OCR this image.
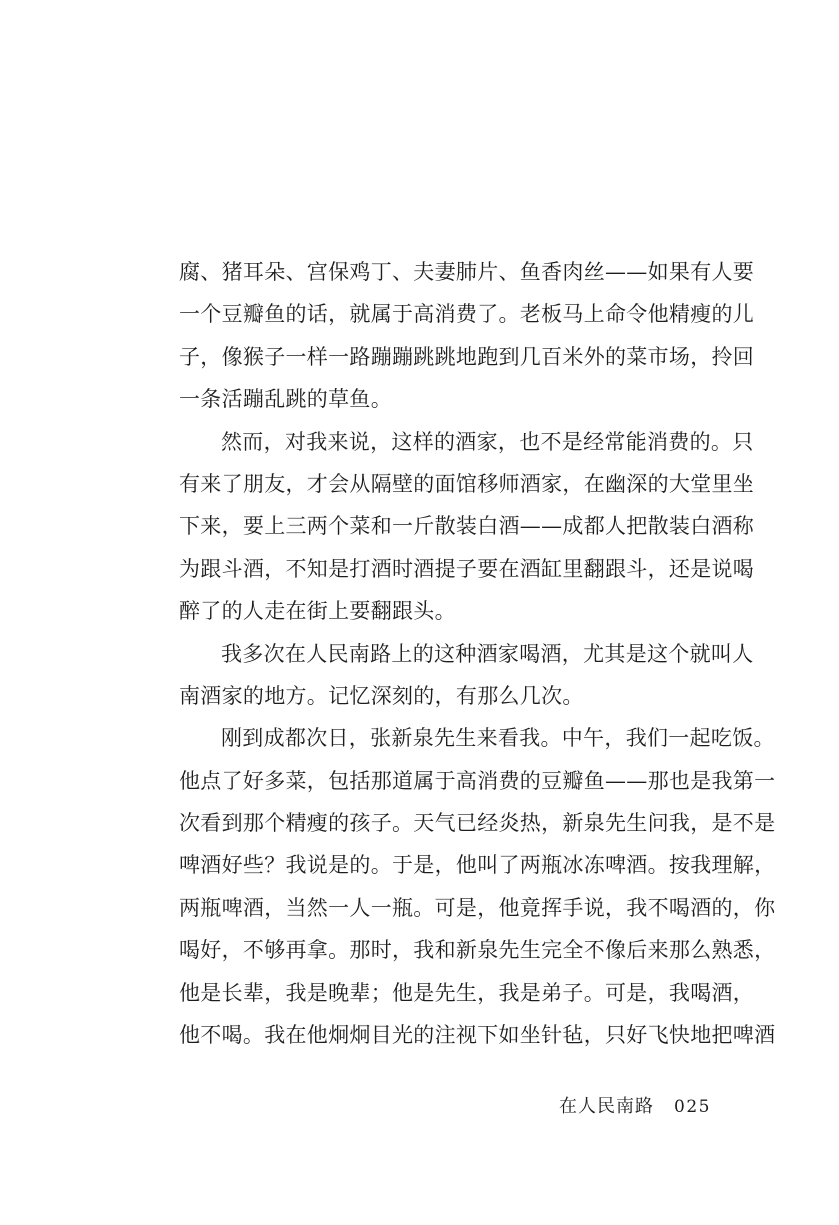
腐、猪耳朵、宫保鸡丁、夫妻肺片、鱼香肉丝——如果有人要
一个豆瓣鱼的话，就属于高消费了。老板马上命令他精瘦的儿
子，像猴子一样一路蹦蹦跳跳地跑到几百米外的菜市场，拎回
一条活蹦乱跳的草鱼。
然而，对我来说，这样的酒家，也不是经常能消费的。只
有来了朋友，才会从隔壁的面馆移师酒家，在幽深的大堂里坐
下来，要上三两个菜和一斤散装白酒——成都人把散装白酒称
为跟斗酒，不知是打酒时酒提子要在酒缸里翻跟斗，还是说喝
醉了的人走在街上要翻跟头。
我多次在人民南路上的这种酒家喝酒，尤其是这个就叫人
南酒家的地方。记忆深刻的，有那么几次。
刚到成都次日，张新泉先生来看我。中午，我们一起吃饭。
他点了好多菜，包括那道属于高消费的豆瓣鱼——那也是我第一
次看到那个精瘦的孩子。天气已经炎热，新泉先生问我，是不是
啤酒好些？我说是的。于是，他叫了两瓶冰冻啤酒。按我理解，
两瓶啤酒，当然一人一瓶。可是，他竟挥手说，我不喝酒的，你
喝好，不够再拿。那时，我和新泉先生完全不像后来那么熟悉，
他是长辈，我是晚辈；他是先生，我是弟子。可是，我喝酒，
他不喝。我在他炯炯目光的注视下如坐针毡，只好飞快地把啤酒
在人民南路 025
